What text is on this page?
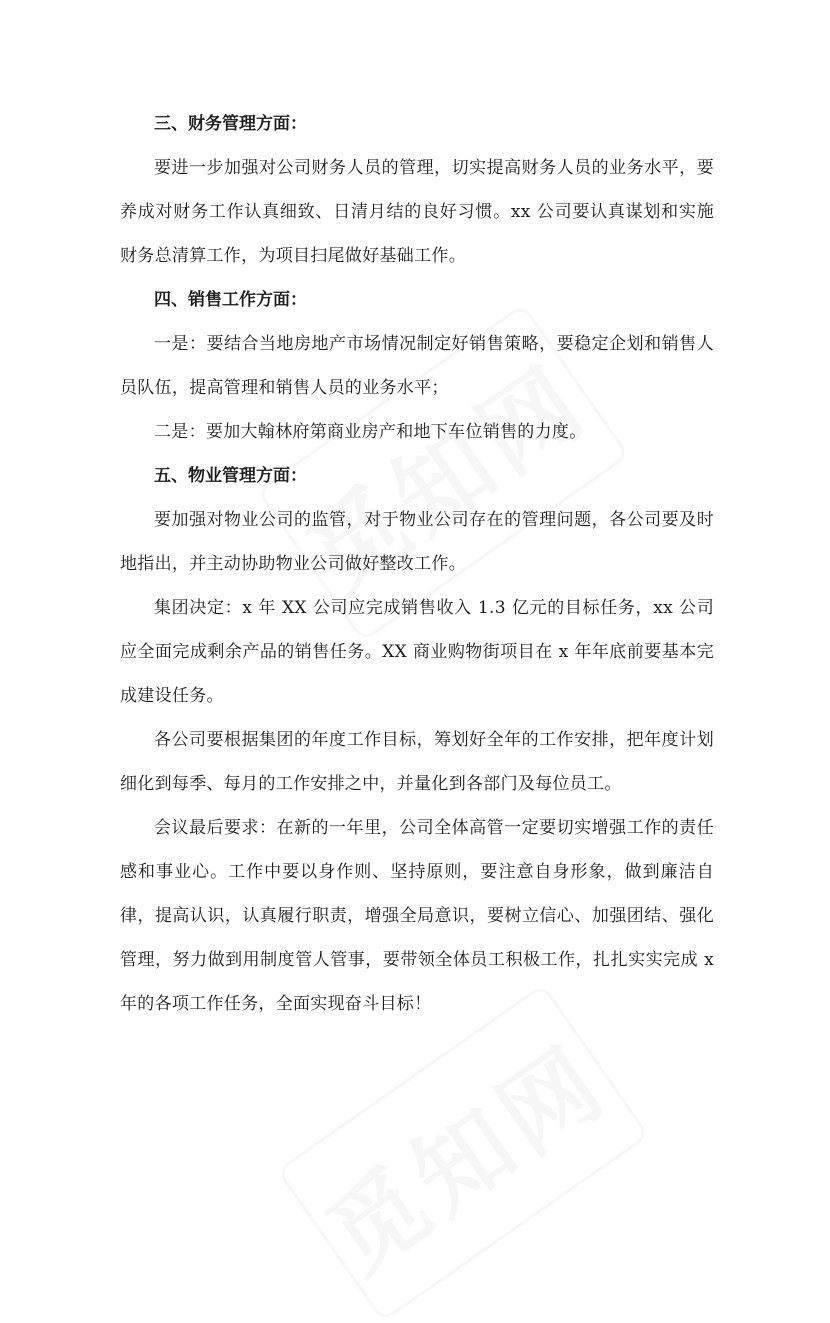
三、财务管理方面：

要进一步加强对公司财务人员的管理，切实提高财务人员的业务水平，要养成对财务工作认真细致、日清月结的良好习惯。xx 公司要认真谋划和实施财务总清算工作，为项目扫尾做好基础工作。

四、销售工作方面：

一是：要结合当地房地产市场情况制定好销售策略，要稳定企划和销售人员队伍，提高管理和销售人员的业务水平；

二是：要加大翰林府第商业房产和地下车位销售的力度。

五、物业管理方面：

要加强对物业公司的监管，对于物业公司存在的管理问题，各公司要及时地指出，并主动协助物业公司做好整改工作。

集团决定：x 年 XX 公司应完成销售收入 1.3 亿元的目标任务，xx 公司应全面完成剩余产品的销售任务。XX 商业购物街项目在 x 年年底前要基本完成建设任务。

各公司要根据集团的年度工作目标，筹划好全年的工作安排，把年度计划细化到每季、每月的工作安排之中，并量化到各部门及每位员工。

会议最后要求：在新的一年里，公司全体高管一定要切实增强工作的责任感和事业心。工作中要以身作则、坚持原则，要注意自身形象，做到廉洁自律，提高认识，认真履行职责，增强全局意识，要树立信心、加强团结、强化管理，努力做到用制度管人管事，要带领全体员工积极工作，扎扎实实完成 x 年的各项工作任务，全面实现奋斗目标！
